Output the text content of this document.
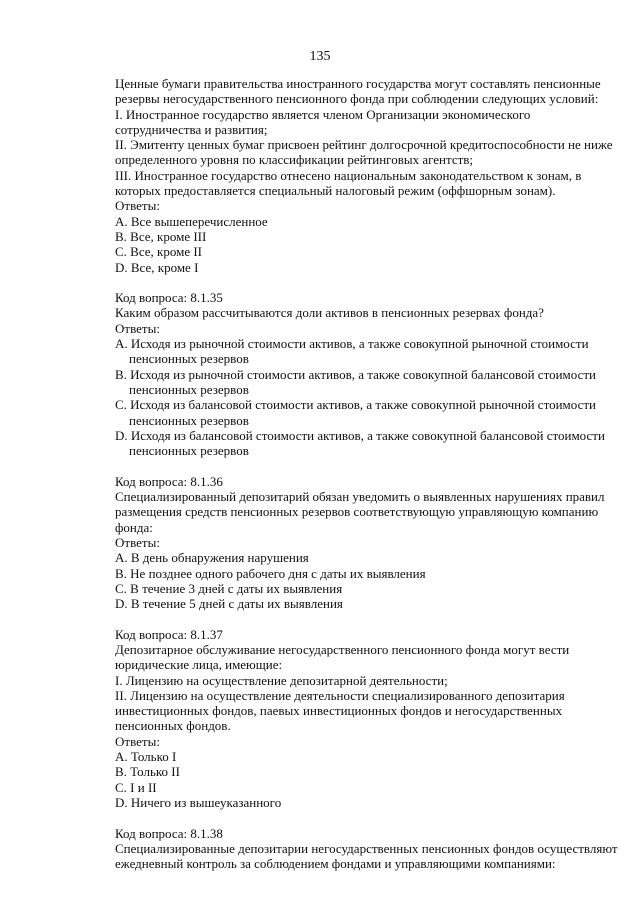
135
Ценные бумаги правительства иностранного государства могут составлять пенсионные
резервы негосударственного пенсионного фонда при соблюдении следующих условий:
I. Иностранное государство является членом Организации экономического
сотрудничества и развития;
II. Эмитенту ценных бумаг присвоен рейтинг долгосрочной кредитоспособности не ниже
определенного уровня по классификации рейтинговых агентств;
III. Иностранное государство отнесено национальным законодательством к зонам, в
которых предоставляется специальный налоговый режим (оффшорным зонам).
Ответы:
A. Все вышеперечисленное
B. Все, кроме III
C. Все, кроме II
D. Все, кроме I
Код вопроса: 8.1.35
Каким образом рассчитываются доли активов в пенсионных резервах фонда?
Ответы:
A. Исходя из рыночной стоимости активов, а также совокупной рыночной стоимости
пенсионных резервов
B. Исходя из рыночной стоимости активов, а также совокупной балансовой стоимости
пенсионных резервов
C. Исходя из балансовой стоимости активов, а также совокупной рыночной стоимости
пенсионных резервов
D. Исходя из балансовой стоимости активов, а также совокупной балансовой стоимости
пенсионных резервов
Код вопроса: 8.1.36
Специализированный депозитарий обязан уведомить о выявленных нарушениях правил
размещения средств пенсионных резервов соответствующую управляющую компанию
фонда:
Ответы:
A. В день обнаружения нарушения
B. Не позднее одного рабочего дня с даты их выявления
C. В течение 3 дней с даты их выявления
D. В течение 5 дней с даты их выявления
Код вопроса: 8.1.37
Депозитарное обслуживание негосударственного пенсионного фонда могут вести
юридические лица, имеющие:
I. Лицензию на осуществление депозитарной деятельности;
II. Лицензию на осуществление деятельности специализированного депозитария
инвестиционных фондов, паевых инвестиционных фондов и негосударственных
пенсионных фондов.
Ответы:
A. Только I
B. Только II
C. I и II
D. Ничего из вышеуказанного
Код вопроса: 8.1.38
Специализированные депозитарии негосударственных пенсионных фондов осуществляют
ежедневный контроль за соблюдением фондами и управляющими компаниями:
